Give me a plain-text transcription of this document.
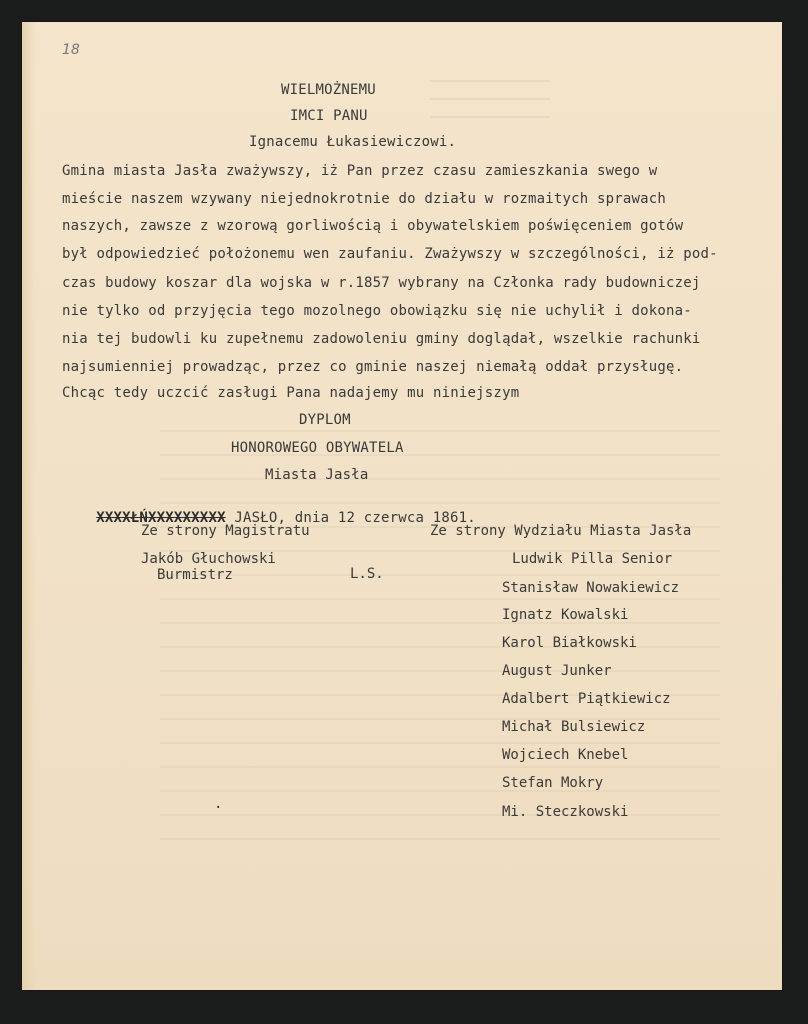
18
WIELMOŻNEMU
IMCI PANU
Ignacemu Łukasiewiczowi.
Gmina miasta Jasła zważywszy, iż Pan przez czasu zamieszkania swego w
mieście naszem wzywany niejednokrotnie do działu w rozmaitych sprawach
naszych, zawsze z wzorową gorliwością i obywatelskiem poświęceniem gotów
był odpowiedzieć położonemu wen zaufaniu. Zważywszy w szczególności, iż pod-
czas budowy koszar dla wojska w r.1857 wybrany na Członka rady budowniczej
nie tylko od przyjęcia tego mozolnego obowiązku się nie uchylił i dokona-
nia tej budowli ku zupełnemu zadowoleniu gminy doglądał, wszelkie rachunki
najsumienniej prowadząc, przez co gminie naszej niemałą oddał przysługę.
Chcąc tedy uczcić zasługi Pana nadajemy mu niniejszym
DYPLOM
HONOROWEGO OBYWATELA
Miasta Jasła

XXXXŁŃXXXXXXXXX JASŁO, dnia 12 czerwca 1861.

Ze strony Magistratu
Jakób Głuchowski
Burmistrz	L.S.
Ze strony Wydziału Miasta Jasła
Ludwik Pilla Senior
Stanisław Nowakiewicz
Ignatz Kowalski
Karol Białkowski
August Junker
Adalbert Piątkiewicz
Michał Bulsiewicz
Wojciech Knebel
Stefan Mokry
Mi. Steczkowski
.
